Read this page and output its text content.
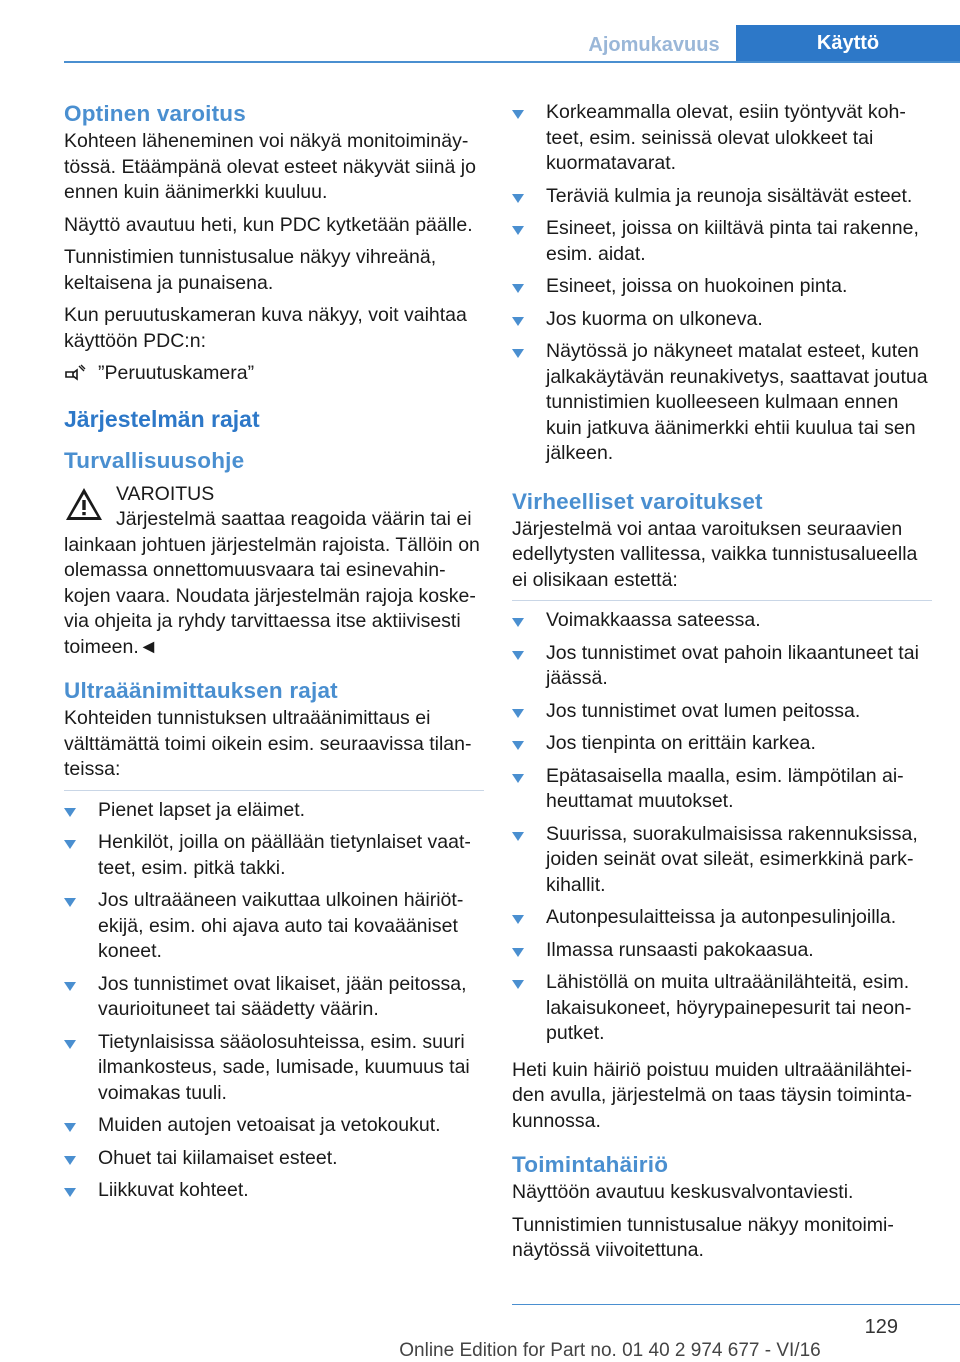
Ajomukavuus	Käyttö
Optinen varoitus

Kohteen läheneminen voi näkyä monitoiminäytössä. Etäämpänä olevat esteet näkyvät siinä jo ennen kuin äänimerkki kuuluu.

Näyttö avautuu heti, kun PDC kytketään päälle.

Tunnistimien tunnistusalue näkyy vihreänä, keltaisena ja punaisena.

Kun peruutuskameran kuva näkyy, voit vaihtaa käyttöön PDC:n:

”Peruutuskamera”
Järjestelmän rajat
Turvallisuusohje

VAROITUS

Järjestelmä saattaa reagoida väärin tai ei lainkaan johtuen järjestelmän rajoista. Tällöin on olemassa onnettomuusvaara tai esinevahinkojen vaara. Noudata järjestelmän rajoja koskevia ohjeita ja ryhdy tarvittaessa itse aktiivisesti toimeen.◄

Ultraäänimittauksen rajat

Kohteiden tunnistuksen ultraäänimittaus ei välttämättä toimi oikein esim. seuraavissa tilanteissa:

Pienet lapset ja eläimet.
Henkilöt, joilla on päällään tietynlaiset vaatteet, esim. pitkä takki.
Jos ultraääneen vaikuttaa ulkoinen häiriötekijä, esim. ohi ajava auto tai kovaääniset koneet.
Jos tunnistimet ovat likaiset, jään peitossa, vaurioituneet tai säädetty väärin.
Tietynlaisissa sääolosuhteissa, esim. suuri ilmankosteus, sade, lumisade, kuumuus tai voimakas tuuli.
Muiden autojen vetoaisat ja vetokoukut.
Ohuet tai kiilamaiset esteet.
Liikkuvat kohteet.
Korkeammalla olevat, esiin työntyvät kohteet, esim. seinissä olevat ulokkeet tai kuormatavarat.
Teräviä kulmia ja reunoja sisältävät esteet.
Esineet, joissa on kiiltävä pinta tai rakenne, esim. aidat.
Esineet, joissa on huokoinen pinta.
Jos kuorma on ulkoneva.
Näytössä jo näkyneet matalat esteet, kuten jalkakäytävän reunakivetys, saattavat joutua tunnistimien kuolleeseen kulmaan ennen kuin jatkuva äänimerkki ehtii kuulua tai sen jälkeen.
Virheelliset varoitukset

Järjestelmä voi antaa varoituksen seuraavien edellytysten vallitessa, vaikka tunnistusalueella ei olisikaan estettä:

Voimakkaassa sateessa.
Jos tunnistimet ovat pahoin likaantuneet tai jäässä.
Jos tunnistimet ovat lumen peitossa.
Jos tienpinta on erittäin karkea.
Epätasaisella maalla, esim. lämpötilan aiheuttamat muutokset.
Suurissa, suorakulmaisissa rakennuksissa, joiden seinät ovat sileät, esimerkkinä parkkihallit.
Autonpesulaitteissa ja autonpesulinjoilla.
Ilmassa runsaasti pakokaasua.
Lähistöllä on muita ultraäänilähteitä, esim. lakaisukoneet, höyrypainepesurit tai neonputket.

Heti kuin häiriö poistuu muiden ultraäänilähteiden avulla, järjestelmä on taas täysin toimintakunnossa.

Toimintahäiriö

Näyttöön avautuu keskusvalvontaviesti.

Tunnistimien tunnistusalue näkyy monitoiminäytössä viivoitettuna.

129
Online Edition for Part no. 01 40 2 974 677 - VI/16
